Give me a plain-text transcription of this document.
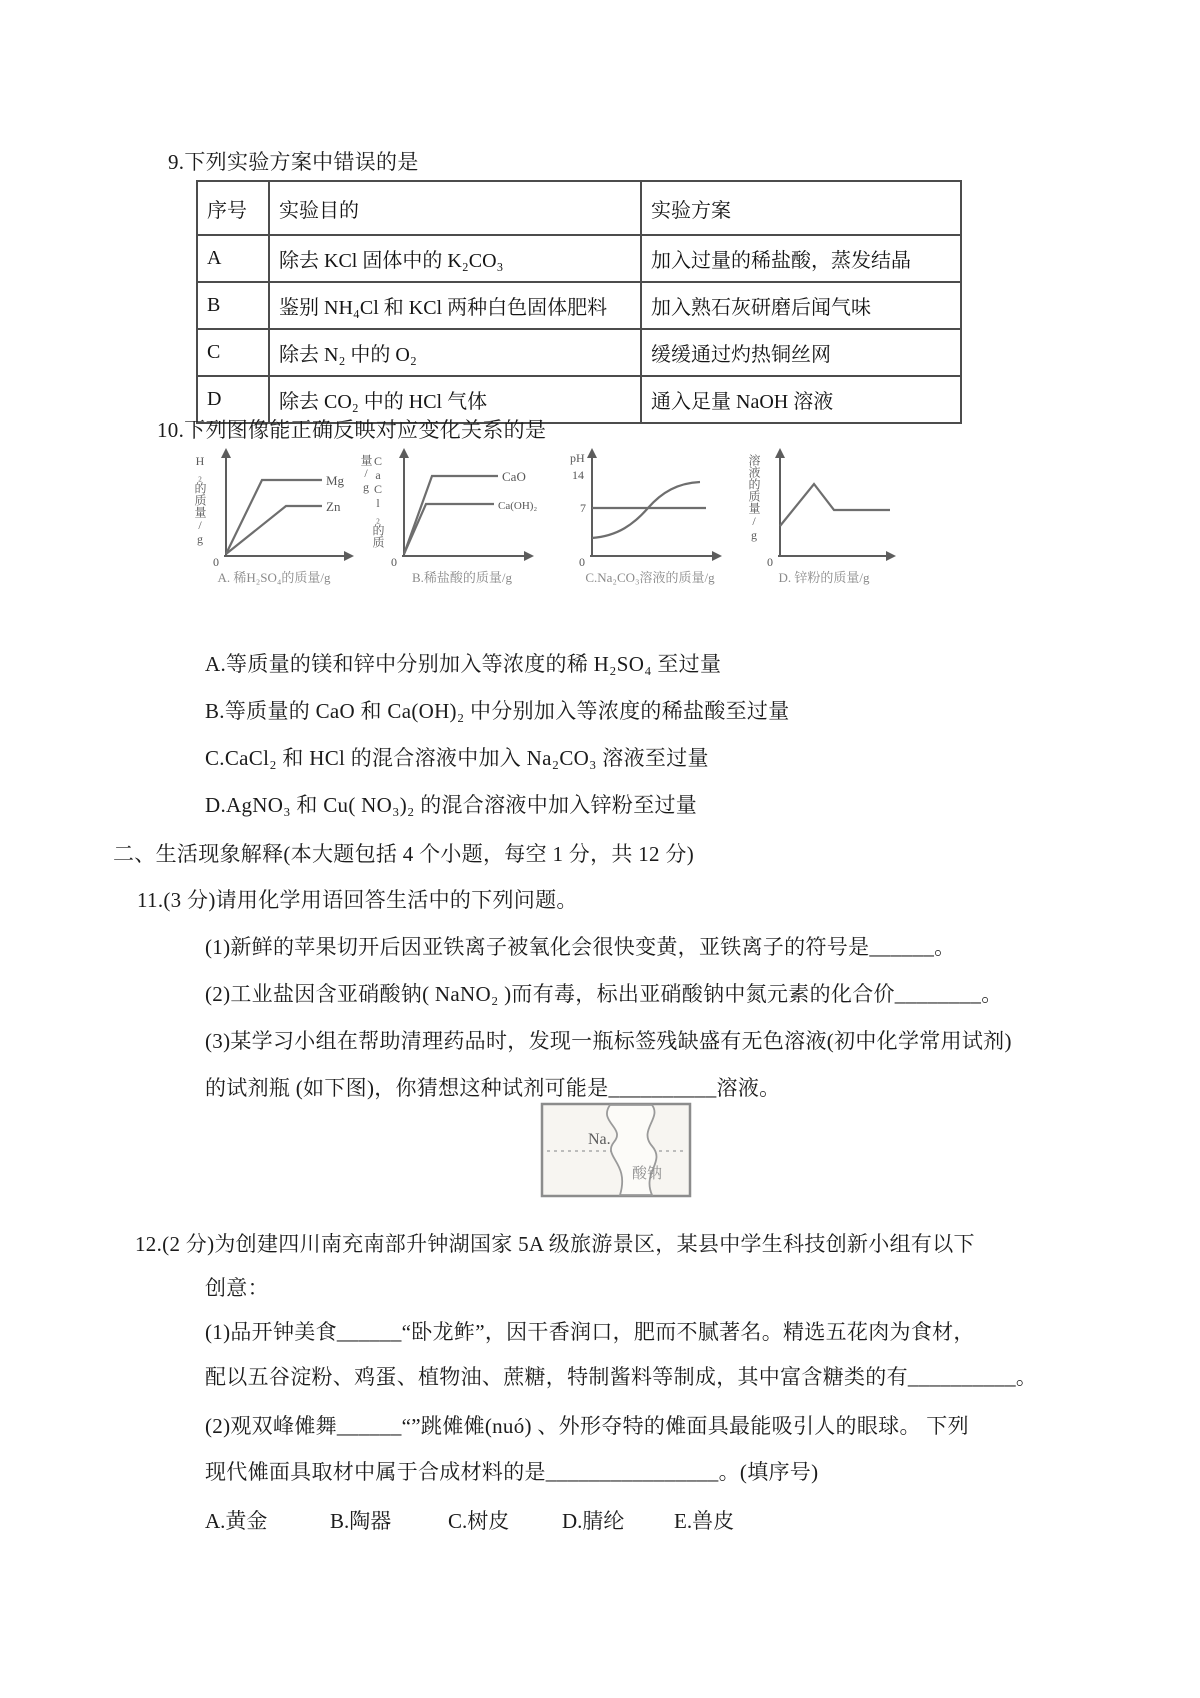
9.下列实验方案中错误的是
序号	实验目的	实验方案
A	除去 KCl 固体中的 K₂CO₃	加入过量的稀盐酸，蒸发结晶
B	鉴别 NH₄Cl 和 KCl 两种白色固体肥料	加入熟石灰研磨后闻气味
C	除去 N₂ 中的 O₂	缓缓通过灼热铜丝网
D	除去 CO₂ 中的 HCl 气体	通入足量 NaOH 溶液
10.下列图像能正确反映对应变化关系的是
H₂的质量/g	Mg
Zn
0
A. 稀H₂SO₄的质量/g
CaCl₂的质量/g	CaO
Ca(OH)₂
0
B.稀盐酸的质量/g
pH
14
7
0
C.Na₂CO₃溶液的质量/g
溶液的质量/g
0
D. 锌粉的质量/g
A.等质量的镁和锌中分别加入等浓度的稀 H₂SO₄ 至过量
B.等质量的 CaO 和 Ca(OH)₂ 中分别加入等浓度的稀盐酸至过量
C.CaCl₂ 和 HCl 的混合溶液中加入 Na₂CO₃ 溶液至过量
D.AgNO₃ 和 Cu( NO₃)₂ 的混合溶液中加入锌粉至过量
二、生活现象解释(本大题包括 4 个小题，每空 1 分，共 12 分)
11.(3 分)请用化学用语回答生活中的下列问题。
(1)新鲜的苹果切开后因亚铁离子被氧化会很快变黄，亚铁离子的符号是______。
(2)工业盐因含亚硝酸钠( NaNO₂ )而有毒，标出亚硝酸钠中氮元素的化合价________。
(3)某学习小组在帮助清理药品时，发现一瓶标签残缺盛有无色溶液(初中化学常用试剂)
的试剂瓶 (如下图)，你猜想这种试剂可能是__________溶液。
Na.
酸钠
12.(2 分)为创建四川南充南部升钟湖国家 5A 级旅游景区，某县中学生科技创新小组有以下
创意：
(1)品开钟美食______“卧龙鲊”，因干香润口，肥而不腻著名。精选五花肉为食材，
配以五谷淀粉、鸡蛋、植物油、蔗糖，特制酱料等制成，其中富含糖类的有__________。
(2)观双峰傩舞______“”跳傩傩(nuó) 、外形夺特的傩面具最能吸引人的眼球。 下列
现代傩面具取材中属于合成材料的是________________。(填序号)
A.黄金	B.陶器	C.树皮	D.腈纶 E.兽皮
